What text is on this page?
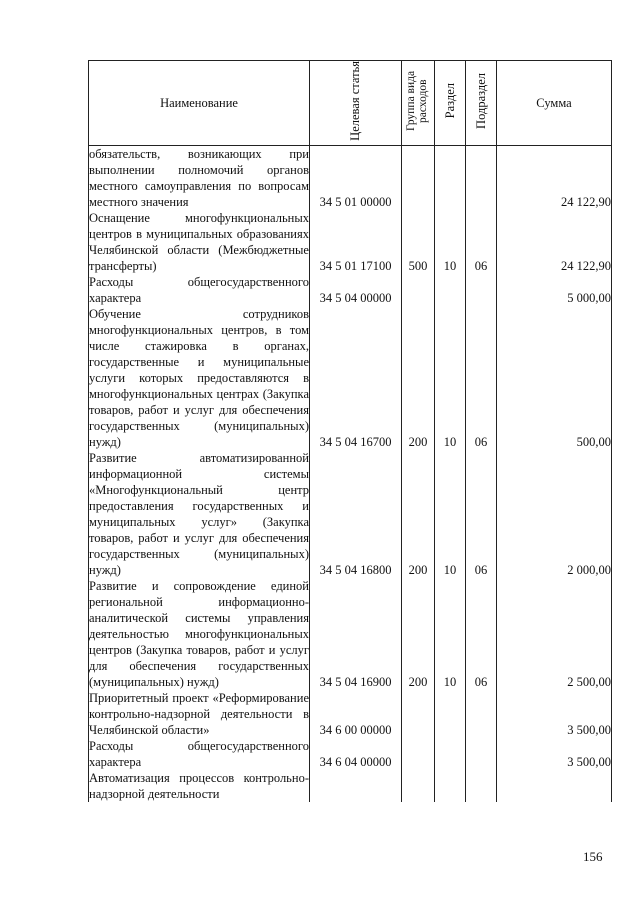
Наименование	Целевая статья	Группа вида расходов	Раздел	Подраздел	Сумма
обязательств, возникающих при выполнении полномочий органов местного самоуправления по вопросам местного значения	34 5 01 00000				24 122,90
Оснащение многофункциональных центров в муниципальных образованиях Челябинской области (Межбюджетные трансферты)	34 5 01 17100	500	10	06	24 122,90
Расходы общегосударственного характера	34 5 04 00000				5 000,00
Обучение сотрудников многофункциональных центров, в том числе стажировка в органах, государственные и муниципальные услуги которых предоставляются в многофункциональных центрах (Закупка товаров, работ и услуг для обеспечения государственных (муниципальных) нужд)	34 5 04 16700	200	10	06	500,00
Развитие автоматизированной информационной системы «Многофункциональный центр предоставления государственных и муниципальных услуг» (Закупка товаров, работ и услуг для обеспечения государственных (муниципальных) нужд)	34 5 04 16800	200	10	06	2 000,00
Развитие и сопровождение единой региональной информационно-аналитической системы управления деятельностью многофункциональных центров (Закупка товаров, работ и услуг для обеспечения государственных (муниципальных) нужд)	34 5 04 16900	200	10	06	2 500,00
Приоритетный проект «Реформирование контрольно-надзорной деятельности в Челябинской области»	34 6 00 00000				3 500,00
Расходы общегосударственного характера	34 6 04 00000				3 500,00
Автоматизация процессов контрольно-надзорной деятельности					
156
